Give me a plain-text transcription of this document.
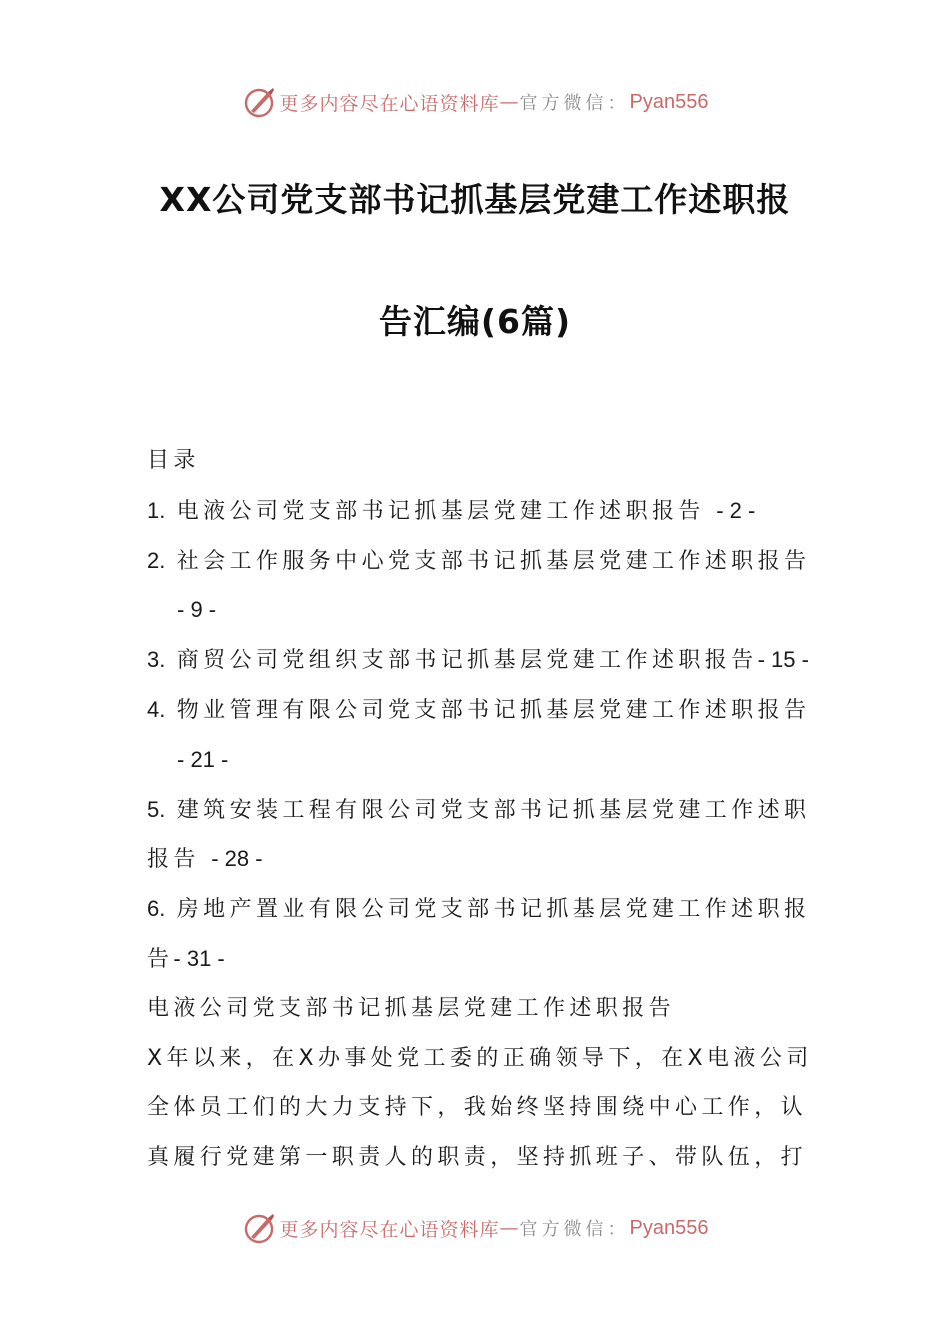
更多内容尽在心语资料库 — 官方微信： Pyan556
XX公司党支部书记抓基层党建工作述职报
告汇编(6篇)
目录
1. 电液公司党支部书记抓基层党建工作述职报告 - 2 -
2. 社会工作服务中心党支部书记抓基层党建工作述职报告
- 9 -
3. 商贸公司党组织支部书记抓基层党建工作述职报告- 15 -
4. 物业管理有限公司党支部书记抓基层党建工作述职报告
- 21 -
5. 建筑安装工程有限公司党支部书记抓基层党建工作述职
报告 - 28 -
6. 房地产置业有限公司党支部书记抓基层党建工作述职报
告- 31 -
电液公司党支部书记抓基层党建工作述职报告
X年以来，在X办事处党工委的正确领导下，在X电液公司
全体员工们的大力支持下，我始终坚持围绕中心工作，认
真履行党建第一职责人的职责，坚持抓班子、带队伍，打
更多内容尽在心语资料库 — 官方微信： Pyan556
